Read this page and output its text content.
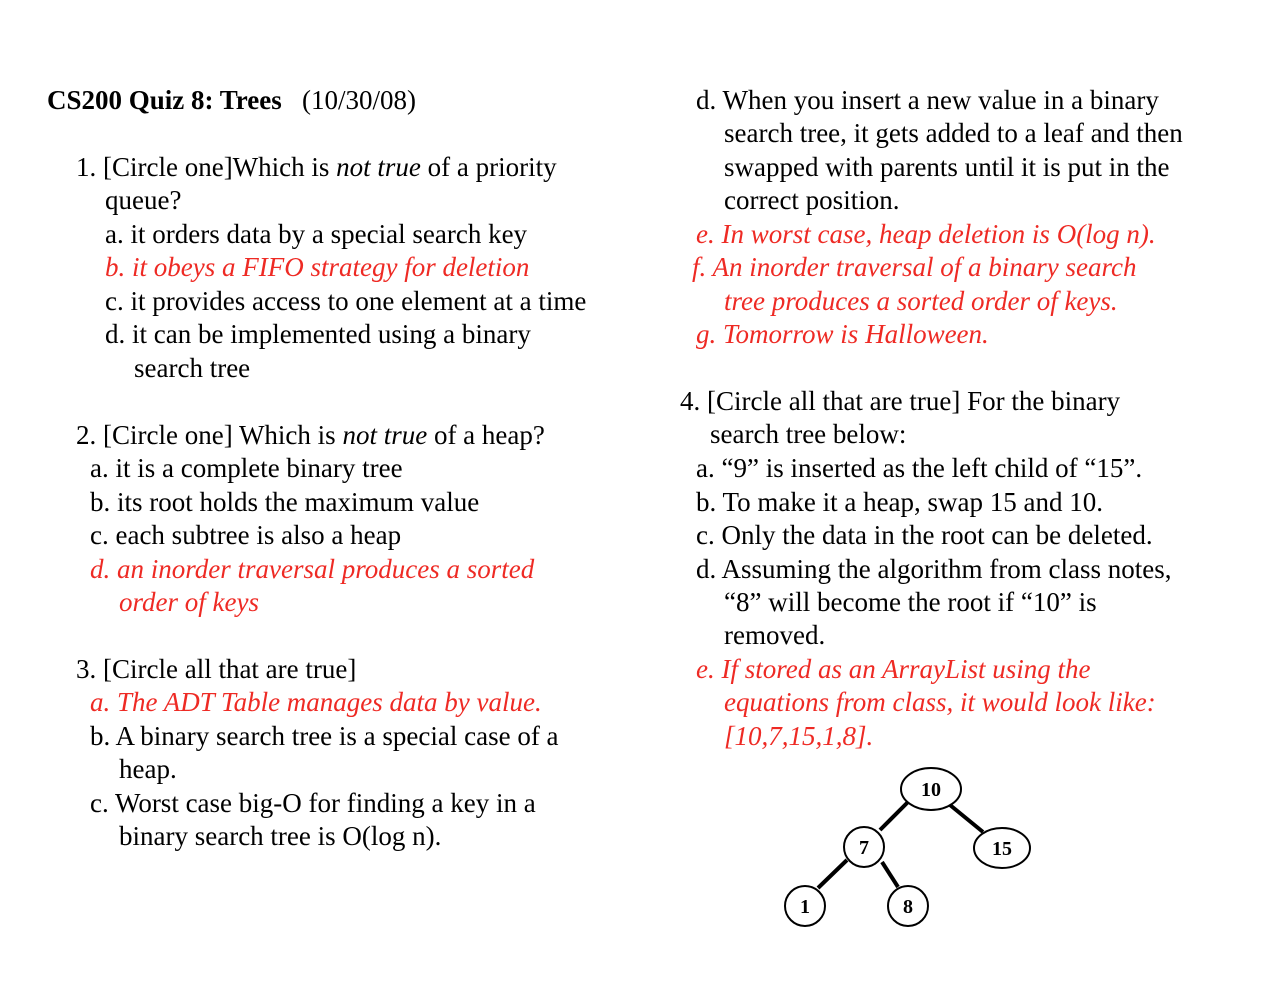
CS200 Quiz 8: Trees (10/30/08)
1. [Circle one]Which is not true of a priority
queue?
a. it orders data by a special search key
b. it obeys a FIFO strategy for deletion
c. it provides access to one element at a time
d. it can be implemented using a binary
search tree
2. [Circle one] Which is not true of a heap?
a. it is a complete binary tree
b. its root holds the maximum value
c. each subtree is also a heap
d. an inorder traversal produces a sorted
order of keys
3. [Circle all that are true]
a. The ADT Table manages data by value.
b. A binary search tree is a special case of a
heap.
c. Worst case big-O for finding a key in a
binary search tree is O(log n).
d. When you insert a new value in a binary
search tree, it gets added to a leaf and then
swapped with parents until it is put in the
correct position.
e. In worst case, heap deletion is O(log n).
f. An inorder traversal of a binary search
tree produces a sorted order of keys.
g. Tomorrow is Halloween.
4. [Circle all that are true] For the binary
search tree below:
a. “9” is inserted as the left child of “15”.
b. To make it a heap, swap 15 and 10.
c. Only the data in the root can be deleted.
d. Assuming the algorithm from class notes,
“8” will become the root if “10” is
removed.
e. If stored as an ArrayList using the
equations from class, it would look like:
[10,7,15,1,8].
10
7	15
1	8
